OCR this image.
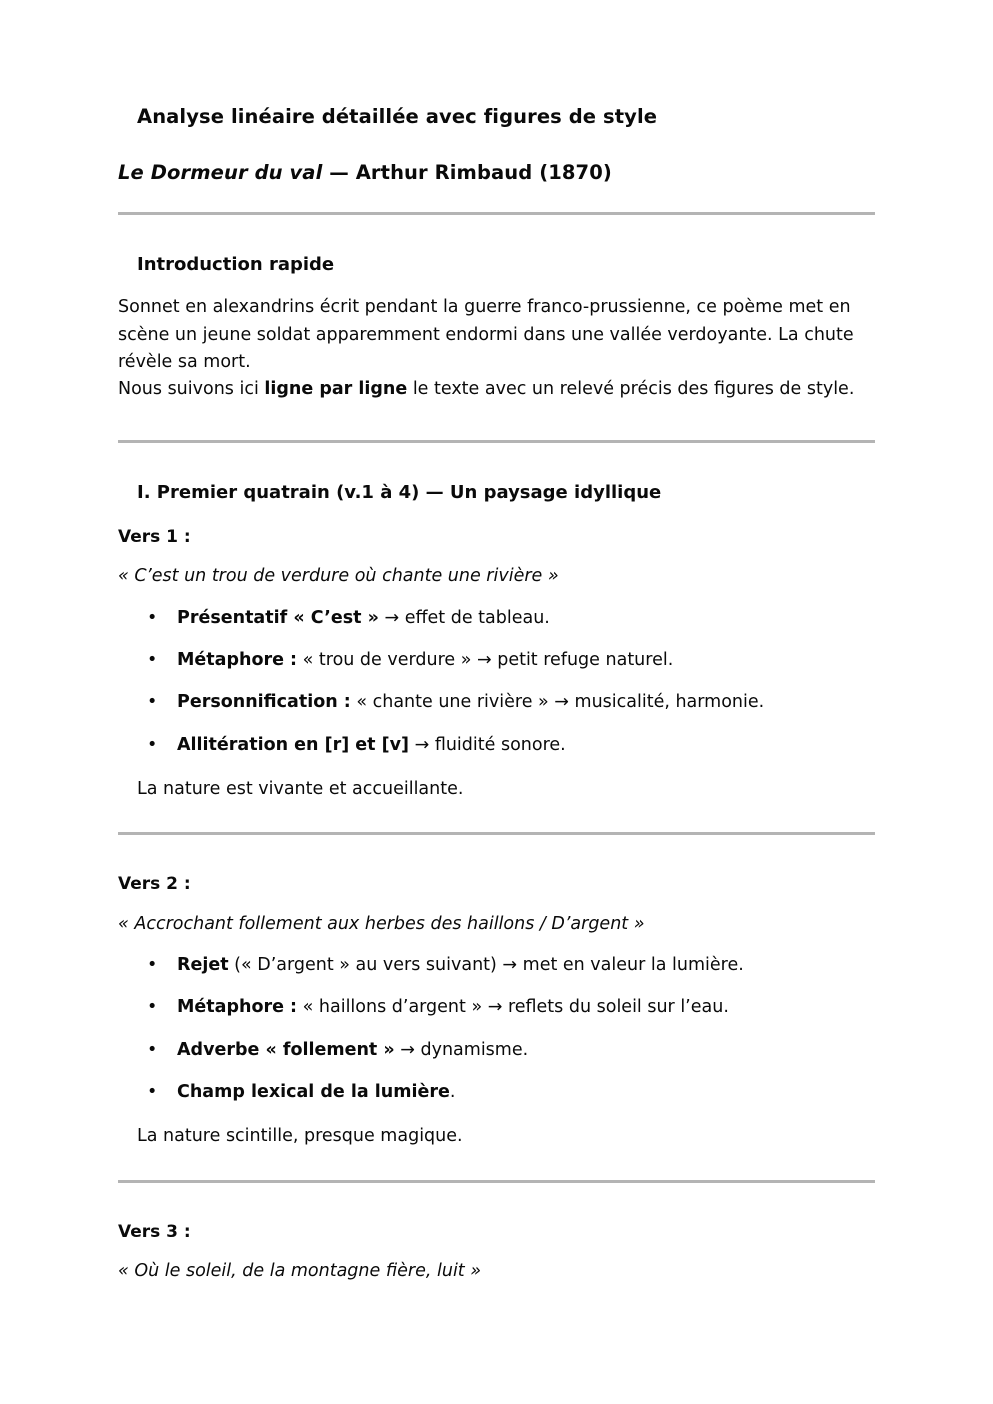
Analyse linéaire détaillée avec figures de style
Le Dormeur du val — Arthur Rimbaud (1870)
Introduction rapide

Sonnet en alexandrins écrit pendant la guerre franco-prussienne, ce poème met en scène un jeune soldat apparemment endormi dans une vallée verdoyante. La chute révèle sa mort.
Nous suivons ici ligne par ligne le texte avec un relevé précis des figures de style.

I. Premier quatrain (v.1 à 4) — Un paysage idyllique
Vers 1 :

« C’est un trou de verdure où chante une rivière »

• Présentatif « C’est » → effet de tableau.
• Métaphore : « trou de verdure » → petit refuge naturel.
• Personnification : « chante une rivière » → musicalité, harmonie.
• Allitération en [r] et [v] → fluidité sonore.

La nature est vivante et accueillante.

Vers 2 :

« Accrochant follement aux herbes des haillons / D’argent »

• Rejet (« D’argent » au vers suivant) → met en valeur la lumière.
• Métaphore : « haillons d’argent » → reflets du soleil sur l’eau.
• Adverbe « follement » → dynamisme.
• Champ lexical de la lumière.

La nature scintille, presque magique.

Vers 3 :

« Où le soleil, de la montagne fière, luit »
